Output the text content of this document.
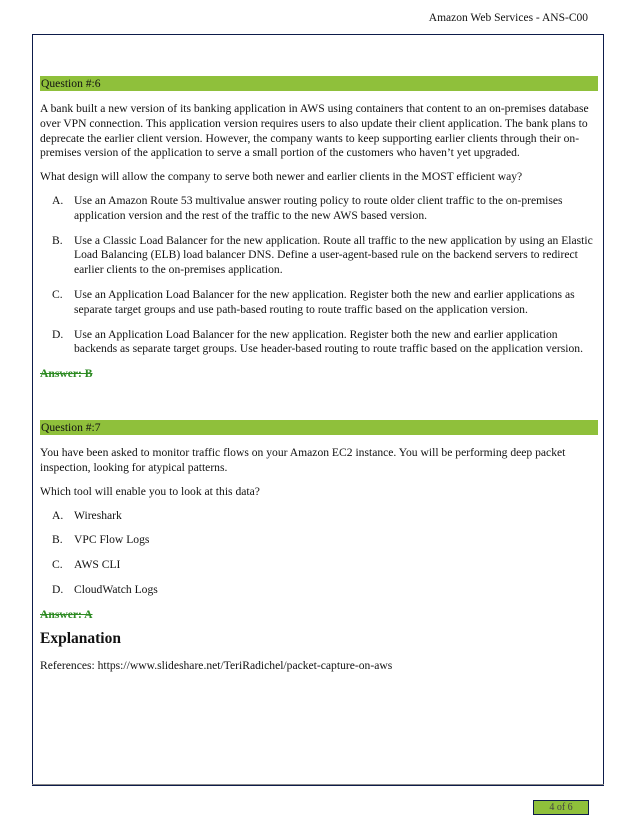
Amazon Web Services - ANS-C00
Question #:6

A bank built a new version of its banking application in AWS using containers that content to an on-premises database over VPN connection. This application version requires users to also update their client application. The bank plans to deprecate the earlier client version. However, the company wants to keep supporting earlier clients through their on-premises version of the application to serve a small portion of the customers who haven’t yet upgraded.

What design will allow the company to serve both newer and earlier clients in the MOST efficient way?

A. Use an Amazon Route 53 multivalue answer routing policy to route older client traffic to the on-premises application version and the rest of the traffic to the new AWS based version.
B. Use a Classic Load Balancer for the new application. Route all traffic to the new application by using an Elastic Load Balancing (ELB) load balancer DNS. Define a user-agent-based rule on the backend servers to redirect earlier clients to the on-premises application.
C. Use an Application Load Balancer for the new application. Register both the new and earlier applications as separate target groups and use path-based routing to route traffic based on the application version.
D. Use an Application Load Balancer for the new application. Register both the new and earlier application backends as separate target groups. Use header-based routing to route traffic based on the application version.
Answer: B
Question #:7

You have been asked to monitor traffic flows on your Amazon EC2 instance. You will be performing deep packet inspection, looking for atypical patterns.

Which tool will enable you to look at this data?

A. Wireshark
B. VPC Flow Logs
C. AWS CLI
D. CloudWatch Logs
Answer: A
Explanation

References: https://www.slideshare.net/TeriRadichel/packet-capture-on-aws

4 of 6
